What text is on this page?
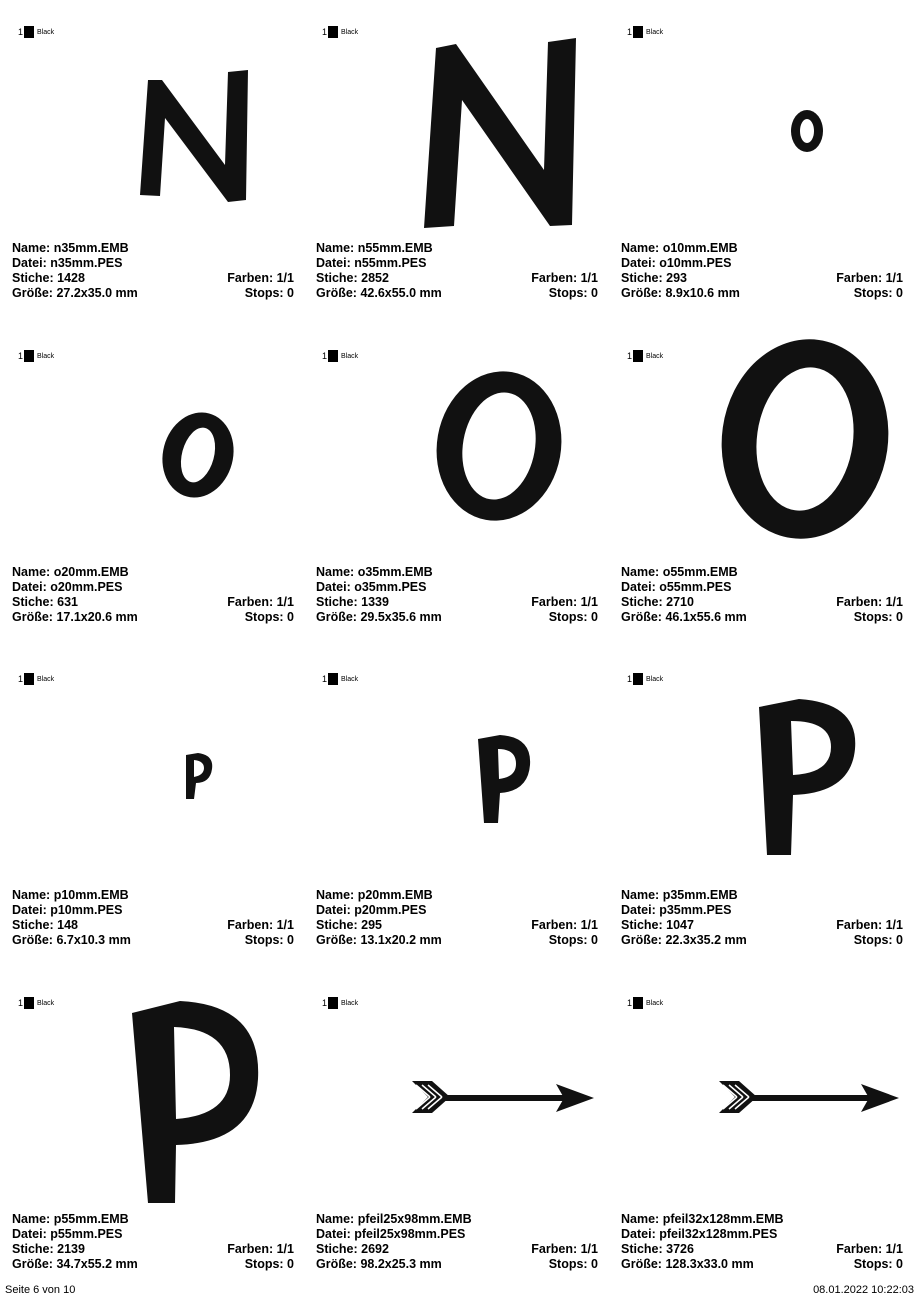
1 Black
Name: n35mm.EMB
Datei: n35mm.PES
Stiche: 1428	Farben: 1/1
Größe: 27.2x35.0 mm	Stops: 0
1 Black
Name: n55mm.EMB
Datei: n55mm.PES
Stiche: 2852	Farben: 1/1
Größe: 42.6x55.0 mm	Stops: 0
1 Black
Name: o10mm.EMB
Datei: o10mm.PES
Stiche: 293	Farben: 1/1
Größe: 8.9x10.6 mm	Stops: 0
1 Black
Name: o20mm.EMB
Datei: o20mm.PES
Stiche: 631	Farben: 1/1
Größe: 17.1x20.6 mm	Stops: 0
1 Black
Name: o35mm.EMB
Datei: o35mm.PES
Stiche: 1339	Farben: 1/1
Größe: 29.5x35.6 mm	Stops: 0
1 Black
Name: o55mm.EMB
Datei: o55mm.PES
Stiche: 2710	Farben: 1/1
Größe: 46.1x55.6 mm	Stops: 0
1 Black
Name: p10mm.EMB
Datei: p10mm.PES
Stiche: 148	Farben: 1/1
Größe: 6.7x10.3 mm	Stops: 0
1 Black
Name: p20mm.EMB
Datei: p20mm.PES
Stiche: 295	Farben: 1/1
Größe: 13.1x20.2 mm	Stops: 0
1 Black
Name: p35mm.EMB
Datei: p35mm.PES
Stiche: 1047	Farben: 1/1
Größe: 22.3x35.2 mm	Stops: 0
1 Black
Name: p55mm.EMB
Datei: p55mm.PES
Stiche: 2139	Farben: 1/1
Größe: 34.7x55.2 mm	Stops: 0
1 Black
Name: pfeil25x98mm.EMB
Datei: pfeil25x98mm.PES
Stiche: 2692	Farben: 1/1
Größe: 98.2x25.3 mm	Stops: 0
1 Black
Name: pfeil32x128mm.EMB
Datei: pfeil32x128mm.PES
Stiche: 3726	Farben: 1/1
Größe: 128.3x33.0 mm	Stops: 0
Seite 6 von 10	08.01.2022 10:22:03
